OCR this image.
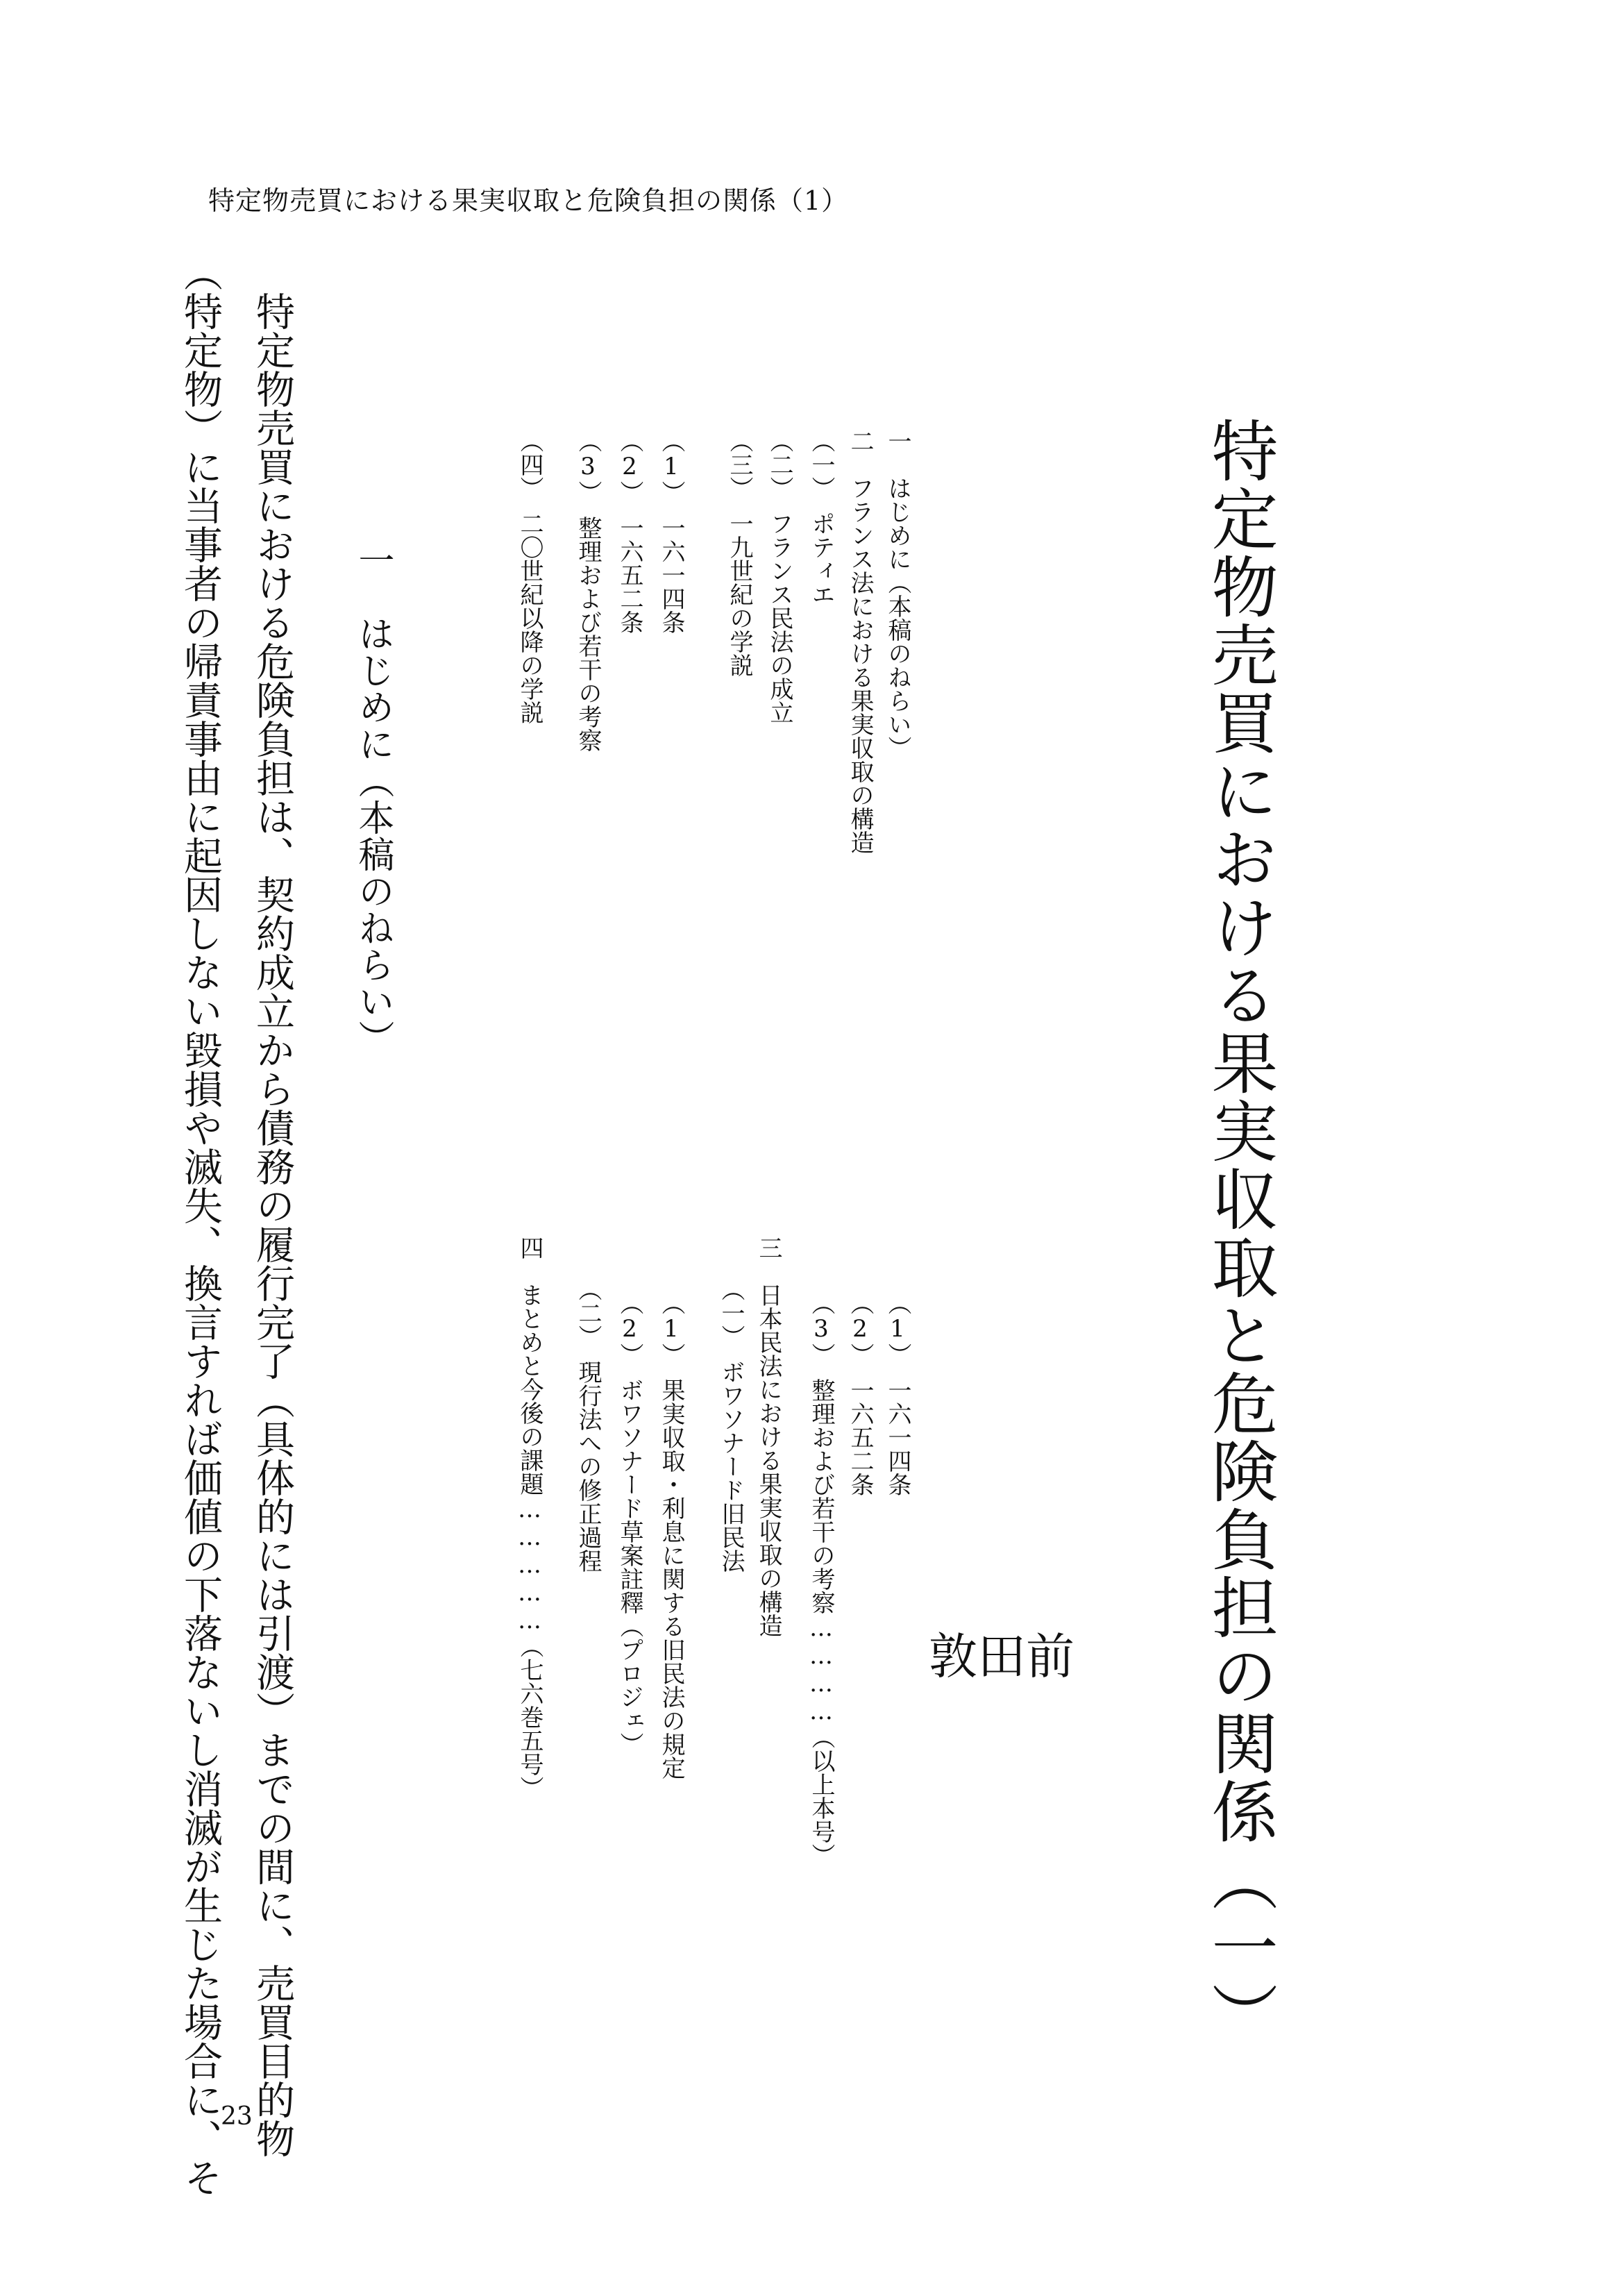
特定物売買における果実収取と危険負担の関係（1）
特定物売買における果実収取と危険負担の関係（一）
前
田
敦
一　はじめに（本稿のねらい）
二　フランス法における果実収取の構造
（一）　ポティエ
（二）　フランス民法の成立
（三）　一九世紀の学説
（1）　一六一四条
（2）　一六五二条
（3）　整理および若干の考察
（四）　二〇世紀以降の学説
（1）　一六一四条
（2）　一六五二条
（3）　整理および若干の考察…………（以上本号）
三　日本民法における果実収取の構造
（一）　ボワソナード旧民法
（1）　果実収取・利息に関する旧民法の規定
（2）　ボワソナード草案註釋（プロジェ）
（二）　現行法への修正過程
四　まとめと今後の課題……………（七六巻五号）
一　はじめに（本稿のねらい）
特定物売買における危険負担は、契約成立から債務の履行完了（具体的には引渡）までの間に、売買目的物
（特定物）に当事者の帰責事由に起因しない毀損や滅失、換言すれば価値の下落ないし消滅が生じた場合に、そ
23
